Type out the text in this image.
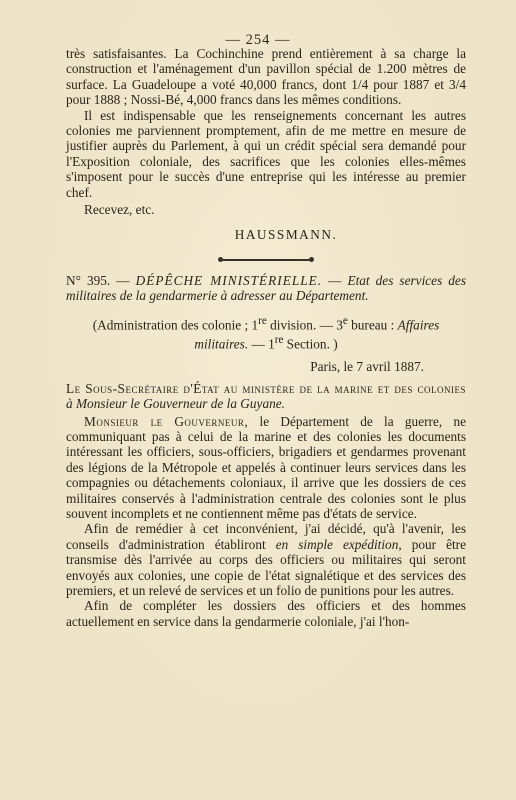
— 254 —

très satisfaisantes. La Cochinchine prend entièrement à sa charge la construction et l'aménagement d'un pavillon spécial de 1.200 mètres de surface. La Guadeloupe a voté 40,000 francs, dont 1/4 pour 1887 et 3/4 pour 1888 ; Nossi-Bé, 4,000 francs dans les mêmes conditions.

Il est indispensable que les renseignements concernant les autres colonies me parviennent promptement, afin de me mettre en mesure de justifier auprès du Parlement, à qui un crédit spécial sera demandé pour l'Exposition coloniale, des sacrifices que les colonies elles-mêmes s'imposent pour le succès d'une entreprise qui les intéresse au premier chef.

Recevez, etc.

HAUSSMANN.

N° 395. — DÉPÊCHE MINISTÉRIELLE. — Etat des services des militaires de la gendarmerie à adresser au Département.

(Administration des colonie ; 1re division. — 3e bureau : Affaires militaires. — 1re Section. )

Paris, le 7 avril 1887.

Le Sous-Secrétaire d'État au ministère de la marine et des colonies à Monsieur le Gouverneur de la Guyane.

Monsieur le Gouverneur, le Département de la guerre, ne communiquant pas à celui de la marine et des colonies les documents intéressant les officiers, sous-officiers, brigadiers et gendarmes provenant des légions de la Métropole et appelés à continuer leurs services dans les compagnies ou détachements coloniaux, il arrive que les dossiers de ces militaires conservés à l'administration centrale des colonies sont le plus souvent incomplets et ne contiennent même pas d'états de service.

Afin de remédier à cet inconvénient, j'ai décidé, qu'à l'avenir, les conseils d'administration établiront en simple expédition, pour être transmise dès l'arrivée au corps des officiers ou militaires qui seront envoyés aux colonies, une copie de l'état signalétique et des services des premiers, et un relevé de services et un folio de punitions pour les autres.

Afin de compléter les dossiers des officiers et des hommes actuellement en service dans la gendarmerie coloniale, j'ai l'hon-
